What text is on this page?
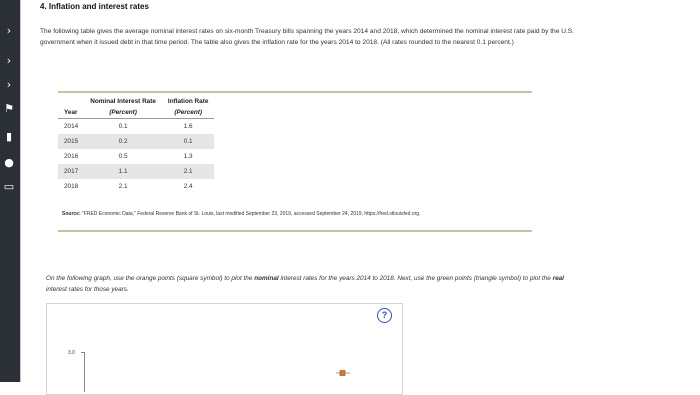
›
›
›
⚑
▮
●
▭
4. Inflation and interest rates
The following table gives the average nominal interest rates on six-month Treasury bills spanning the years 2014 and 2018, which determined the nominal interest rate paid by the U.S. government when it issued debt in that time period. The table also gives the inflation rate for the years 2014 to 2018. (All rates rounded to the nearest 0.1 percent.)
	Nominal Interest Rate	Inflation Rate
Year	(Percent)	(Percent)
2014	0.1	1.6
2015	0.2	0.1
2016	0.5	1.3
2017	1.1	2.1
2018	2.1	2.4
Source: "FRED Economic Data," Federal Reserve Bank of St. Louis, last modified September 23, 2019, accessed September 24, 2019, https://fred.stlouisfed.org.
On the following graph, use the orange points (square symbol) to plot the nominal interest rates for the years 2014 to 2018. Next, use the green points (triangle symbol) to plot the real interest rates for those years.
?
3.0
